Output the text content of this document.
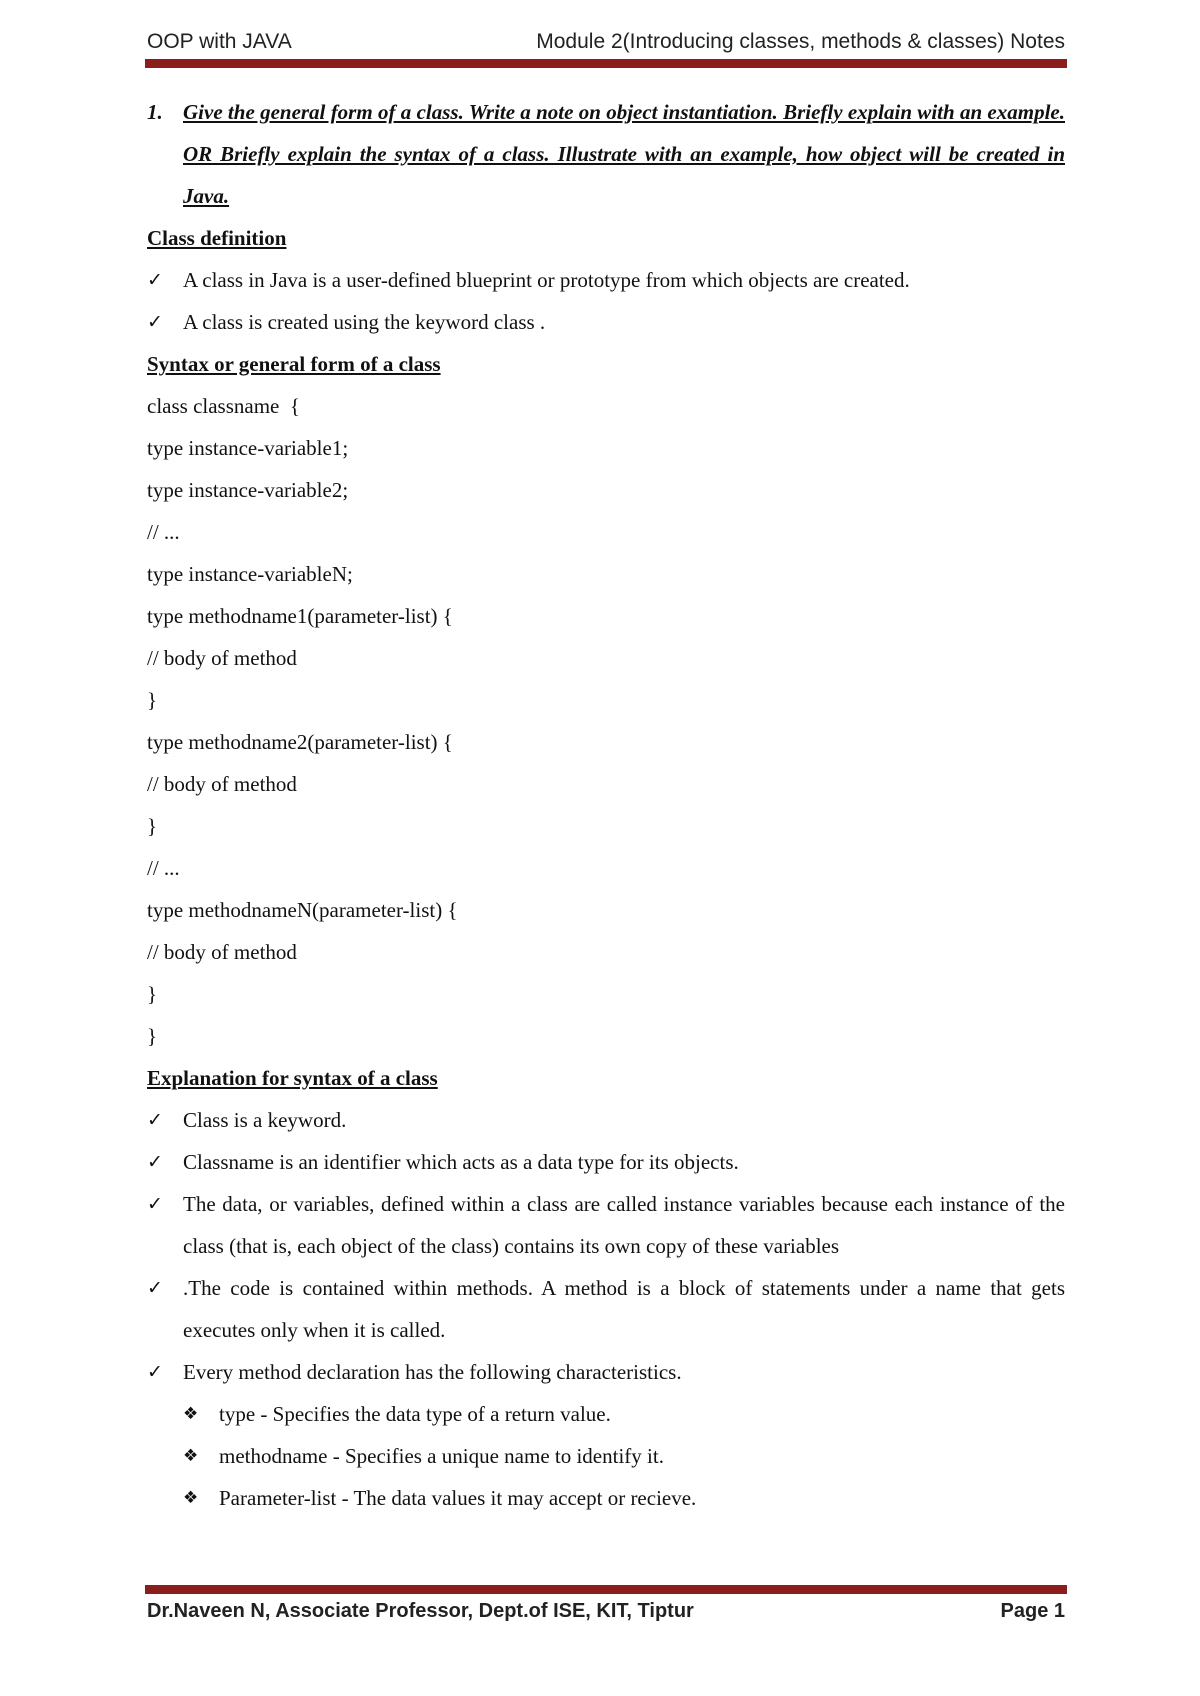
OOP with JAVA	Module 2(Introducing classes, methods & classes) Notes
1. Give the general form of a class. Write a note on object instantiation. Briefly explain with an example. OR Briefly explain the syntax of a class. Illustrate with an example, how object will be created in Java.
Class definition
✓ A class in Java is a user-defined blueprint or prototype from which objects are created.
✓ A class is created using the keyword class .
Syntax or general form of a class
class classname  {
type instance-variable1;
type instance-variable2;
// ...
type instance-variableN;
type methodname1(parameter-list) {
// body of method
}
type methodname2(parameter-list) {
// body of method
}
// ...
type methodnameN(parameter-list) {
// body of method
}
}
Explanation for syntax of a class
✓ Class is a keyword.
✓ Classname is an identifier which acts as a data type for its objects.
✓ The data, or variables, defined within a class are called instance variables because each instance of the class (that is, each object of the class) contains its own copy of these variables
✓ .The code is contained within methods. A method is a block of statements under a name that gets executes only when it is called.
✓ Every method declaration has the following characteristics.
❖ type - Specifies the data type of a return value.
❖ methodname - Specifies a unique name to identify it.
❖ Parameter-list - The data values it may accept or recieve.
Dr.Naveen N, Associate Professor, Dept.of ISE, KIT, Tiptur	Page 1
